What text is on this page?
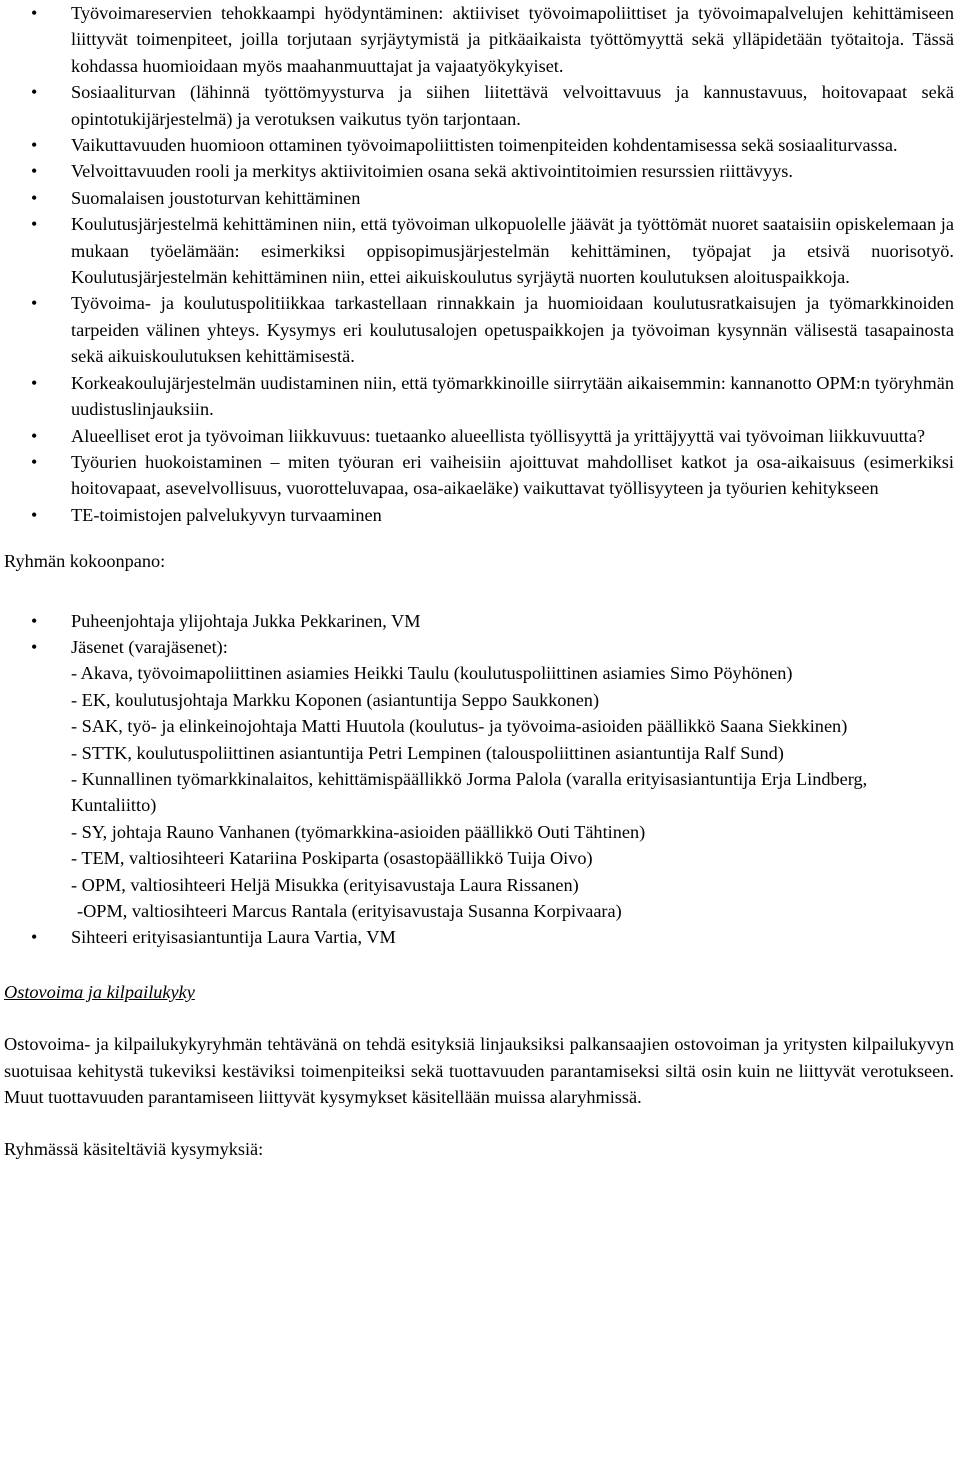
• Työvoimareservien tehokkaampi hyödyntäminen: aktiiviset työvoimapoliittiset ja työvoimapalvelujen kehittämiseen liittyvät toimenpiteet, joilla torjutaan syrjäytymistä ja pitkäaikaista työttömyyttä sekä ylläpidetään työtaitoja. Tässä kohdassa huomioidaan myös maahanmuuttajat ja vajaatyökykyiset.
• Sosiaaliturvan (lähinnä työttömyysturva ja siihen liitettävä velvoittavuus ja kannustavuus, hoitovapaat sekä opintotukijärjestelmä) ja verotuksen vaikutus työn tarjontaan.
• Vaikuttavuuden huomioon ottaminen työvoimapoliittisten toimenpiteiden kohdentamisessa sekä sosiaaliturvassa.
• Velvoittavuuden rooli ja merkitys aktiivitoimien osana sekä aktivointitoimien resurssien riittävyys.
• Suomalaisen joustoturvan kehittäminen
• Koulutusjärjestelmä kehittäminen niin, että työvoiman ulkopuolelle jäävät ja työttömät nuoret saataisiin opiskelemaan ja mukaan työelämään: esimerkiksi oppisopimusjärjestelmän kehittäminen, työpajat ja etsivä nuorisotyö. Koulutusjärjestelmän kehittäminen niin, ettei aikuiskoulutus syrjäytä nuorten koulutuksen aloituspaikkoja.
• Työvoima- ja koulutuspolitiikkaa tarkastellaan rinnakkain ja huomioidaan koulutusratkaisujen ja työmarkkinoiden tarpeiden välinen yhteys. Kysymys eri koulutusalojen opetuspaikkojen ja työvoiman kysynnän välisestä tasapainosta sekä aikuiskoulutuksen kehittämisestä.
• Korkeakoulujärjestelmän uudistaminen niin, että työmarkkinoille siirrytään aikaisemmin: kannanotto OPM:n työryhmän uudistuslinjauksiin.
• Alueelliset erot ja työvoiman liikkuvuus: tuetaanko alueellista työllisyyttä ja yrittäjyyttä vai työvoiman liikkuvuutta?
• Työurien huokoistaminen – miten työuran eri vaiheisiin ajoittuvat mahdolliset katkot ja osa-aikaisuus (esimerkiksi hoitovapaat, asevelvollisuus, vuorotteluvapaa, osa-aikaeläke) vaikuttavat työllisyyteen ja työurien kehitykseen
• TE-toimistojen palvelukyvyn turvaaminen

Ryhmän kokoonpano:

• Puheenjohtaja ylijohtaja Jukka Pekkarinen, VM
• Jäsenet (varajäsenet):
- Akava, työvoimapoliittinen asiamies Heikki Taulu (koulutuspoliittinen asiamies Simo Pöyhönen)
- EK, koulutusjohtaja Markku Koponen (asiantuntija Seppo Saukkonen)
- SAK, työ- ja elinkeinojohtaja Matti Huutola (koulutus- ja työvoima-asioiden päällikkö Saana Siekkinen)
- STTK, koulutuspoliittinen asiantuntija Petri Lempinen (talouspoliittinen asiantuntija Ralf Sund)
- Kunnallinen työmarkkinalaitos, kehittämispäällikkö Jorma Palola (varalla erityisasiantuntija Erja Lindberg, Kuntaliitto)
- SY, johtaja Rauno Vanhanen (työmarkkina-asioiden päällikkö Outi Tähtinen)
- TEM, valtiosihteeri Katariina Poskiparta (osastopäällikkö Tuija Oivo)
- OPM, valtiosihteeri Heljä Misukka (erityisavustaja Laura Rissanen)
-OPM, valtiosihteeri Marcus Rantala (erityisavustaja Susanna Korpivaara)
• Sihteeri erityisasiantuntija Laura Vartia, VM

Ostovoima ja kilpailukyky

Ostovoima- ja kilpailukykyryhmän tehtävänä on tehdä esityksiä linjauksiksi palkansaajien ostovoiman ja yritysten kilpailukyvyn suotuisaa kehitystä tukeviksi kestäviksi toimenpiteiksi sekä tuottavuuden parantamiseksi siltä osin kuin ne liittyvät verotukseen. Muut tuottavuuden parantamiseen liittyvät kysymykset käsitellään muissa alaryhmissä.

Ryhmässä käsiteltäviä kysymyksiä:
